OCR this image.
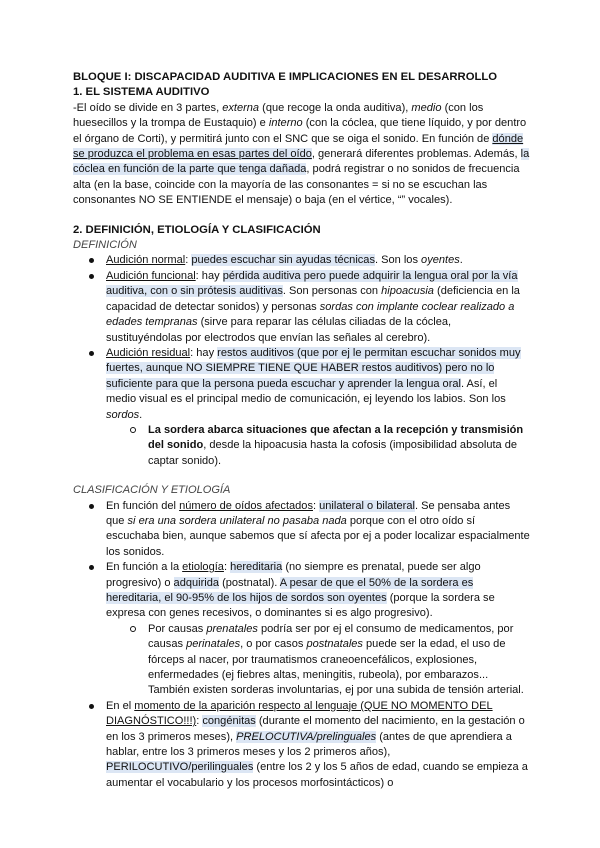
BLOQUE I: DISCAPACIDAD AUDITIVA E IMPLICACIONES EN EL DESARROLLO

1. EL SISTEMA AUDITIVO

-El oído se divide en 3 partes, externa (que recoge la onda auditiva), medio (con los huesecillos y la trompa de Eustaquio) e interno (con la cóclea, que tiene líquido, y por dentro el órgano de Corti), y permitirá junto con el SNC que se oiga el sonido. En función de dónde se produzca el problema en esas partes del oído, generará diferentes problemas. Además, la cóclea en función de la parte que tenga dañada, podrá registrar o no sonidos de frecuencia alta (en la base, coincide con la mayoría de las consonantes = si no se escuchan las consonantes NO SE ENTIENDE el mensaje) o baja (en el vértice, “” vocales).

2. DEFINICIÓN, ETIOLOGÍA Y CLASIFICACIÓN

DEFINICIÓN

Audición normal: puedes escuchar sin ayudas técnicas. Son los oyentes.
Audición funcional: hay pérdida auditiva pero puede adquirir la lengua oral por la vía auditiva, con o sin prótesis auditivas. Son personas con hipoacusia (deficiencia en la capacidad de detectar sonidos) y personas sordas con implante coclear realizado a edades tempranas (sirve para reparar las células ciliadas de la cóclea, sustituyéndolas por electrodos que envían las señales al cerebro).
Audición residual: hay restos auditivos (que por ej le permitan escuchar sonidos muy fuertes, aunque NO SIEMPRE TIENE QUE HABER restos auditivos) pero no lo suficiente para que la persona pueda escuchar y aprender la lengua oral. Así, el medio visual es el principal medio de comunicación, ej leyendo los labios. Son los sordos.
La sordera abarca situaciones que afectan a la recepción y transmisión del sonido, desde la hipoacusia hasta la cofosis (imposibilidad absoluta de captar sonido).

CLASIFICACIÓN Y ETIOLOGÍA

En función del número de oídos afectados: unilateral o bilateral. Se pensaba antes que si era una sordera unilateral no pasaba nada porque con el otro oído sí escuchaba bien, aunque sabemos que sí afecta por ej a poder localizar espacialmente los sonidos.
En función a la etiología: hereditaria (no siempre es prenatal, puede ser algo progresivo) o adquirida (postnatal). A pesar de que el 50% de la sordera es hereditaria, el 90-95% de los hijos de sordos son oyentes (porque la sordera se expresa con genes recesivos, o dominantes si es algo progresivo).
Por causas prenatales podría ser por ej el consumo de medicamentos, por causas perinatales, o por casos postnatales puede ser la edad, el uso de fórceps al nacer, por traumatismos craneoencefálicos, explosiones, enfermedades (ej fiebres altas, meningitis, rubeola), por embarazos... También existen sorderas involuntarias, ej por una subida de tensión arterial.
En el momento de la aparición respecto al lenguaje (QUE NO MOMENTO DEL DIAGNÓSTICO!!!): congénitas (durante el momento del nacimiento, en la gestación o en los 3 primeros meses), PRELOCUTIVA/prelinguales (antes de que aprendiera a hablar, entre los 3 primeros meses y los 2 primeros años), PERILOCUTIVO/perilinguales (entre los 2 y los 5 años de edad, cuando se empieza a aumentar el vocabulario y los procesos morfosintácticos) o
